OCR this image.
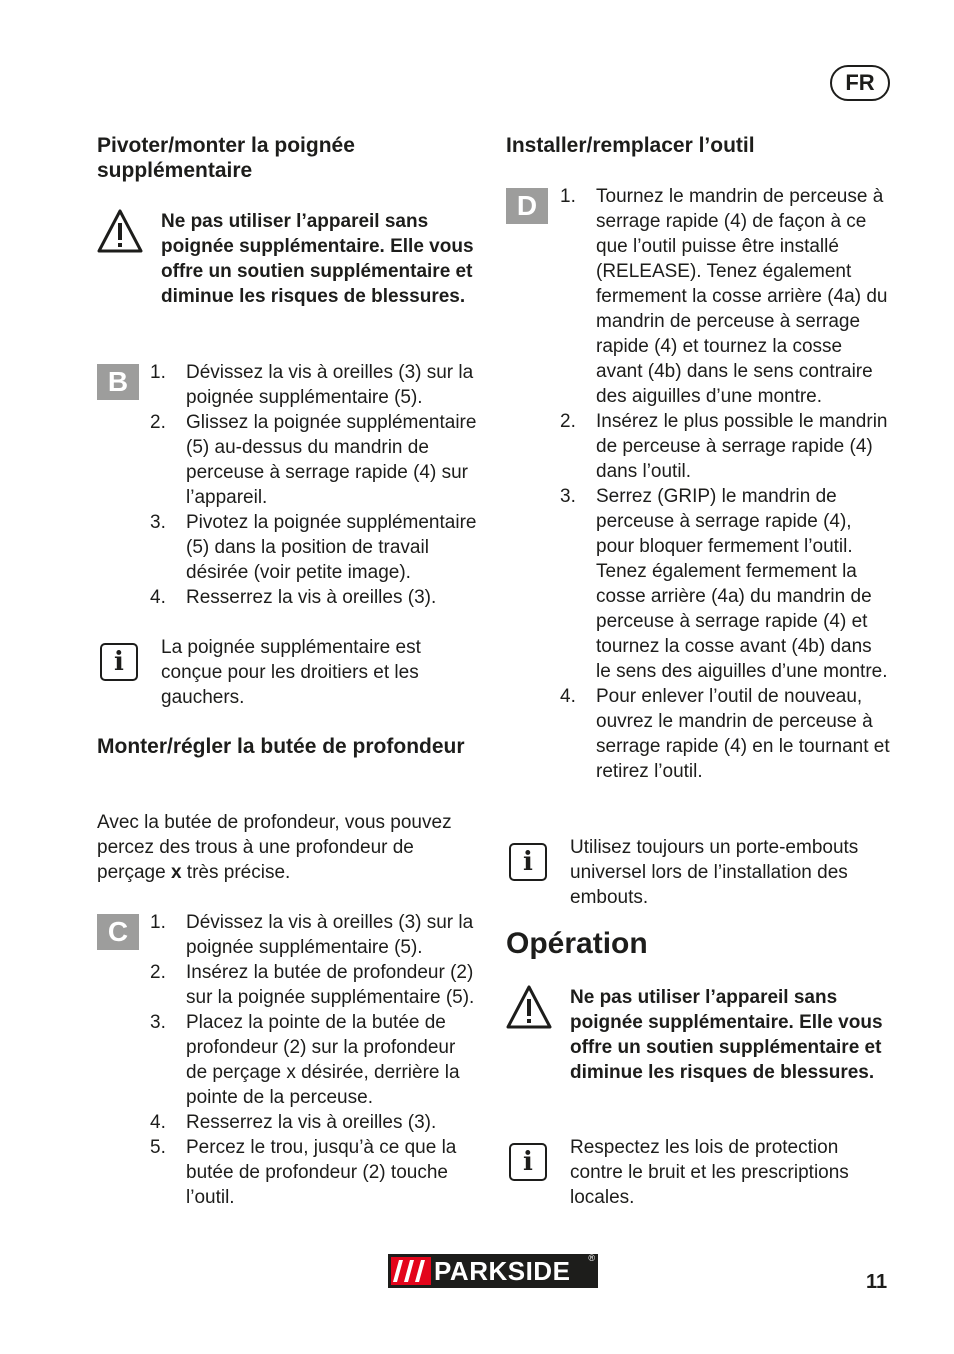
FR
Pivoter/monter la poignée supplémentaire
Ne pas utiliser l’appareil sans poignée supplémentaire. Elle vous offre un soutien supplémentaire et diminue les risques de blessures.
B	1. Dévissez la vis à oreilles (3) sur la poignée supplémentaire (5).
2. Glissez la poignée supplémentaire (5) au-dessus du mandrin de perceuse à serrage rapide (4) sur l’appareil.
3. Pivotez la poignée supplémentaire (5) dans la position de travail désirée (voir petite image).
4. Resserrez la vis à oreilles (3).
i	La poignée supplémentaire est conçue pour les droitiers et les gauchers.
Monter/régler la butée de profondeur

Avec la butée de profondeur, vous pouvez percez des trous à une profondeur de perçage x très précise.

C	1. Dévissez la vis à oreilles (3) sur la poignée supplémentaire (5).
2. Insérez la butée de profondeur (2) sur la poignée supplémentaire (5).
3. Placez la pointe de la butée de profondeur (2) sur la profondeur de perçage x désirée, derrière la pointe de la perceuse.
4. Resserrez la vis à oreilles (3).
5. Percez le trou, jusqu’à ce que la butée de profondeur (2) touche l’outil.
Installer/remplacer l’outil
D	1. Tournez le mandrin de perceuse à serrage rapide (4) de façon à ce que l’outil puisse être installé (RELEASE). Tenez également fermement la cosse arrière (4a) du mandrin de perceuse à serrage rapide (4) et tournez la cosse avant (4b) dans le sens contraire des aiguilles d’une montre.
2. Insérez le plus possible le mandrin de perceuse à serrage rapide (4) dans l’outil.
3. Serrez (GRIP) le mandrin de perceuse à serrage rapide (4), pour bloquer fermement l’outil. Tenez également fermement la cosse arrière (4a) du mandrin de perceuse à serrage rapide (4) et tournez la cosse avant (4b) dans le sens des aiguilles d’une montre.
4. Pour enlever l’outil de nouveau, ouvrez le mandrin de perceuse à serrage rapide (4) en le tournant et retirez l’outil.
i	Utilisez toujours un porte-embouts universel lors de l’installation des embouts.
Opération
Ne pas utiliser l’appareil sans poignée supplémentaire. Elle vous offre un soutien supplémentaire et diminue les risques de blessures.
i	Respectez les lois de protection contre le bruit et les prescriptions locales.
PARKSIDE ®
11
